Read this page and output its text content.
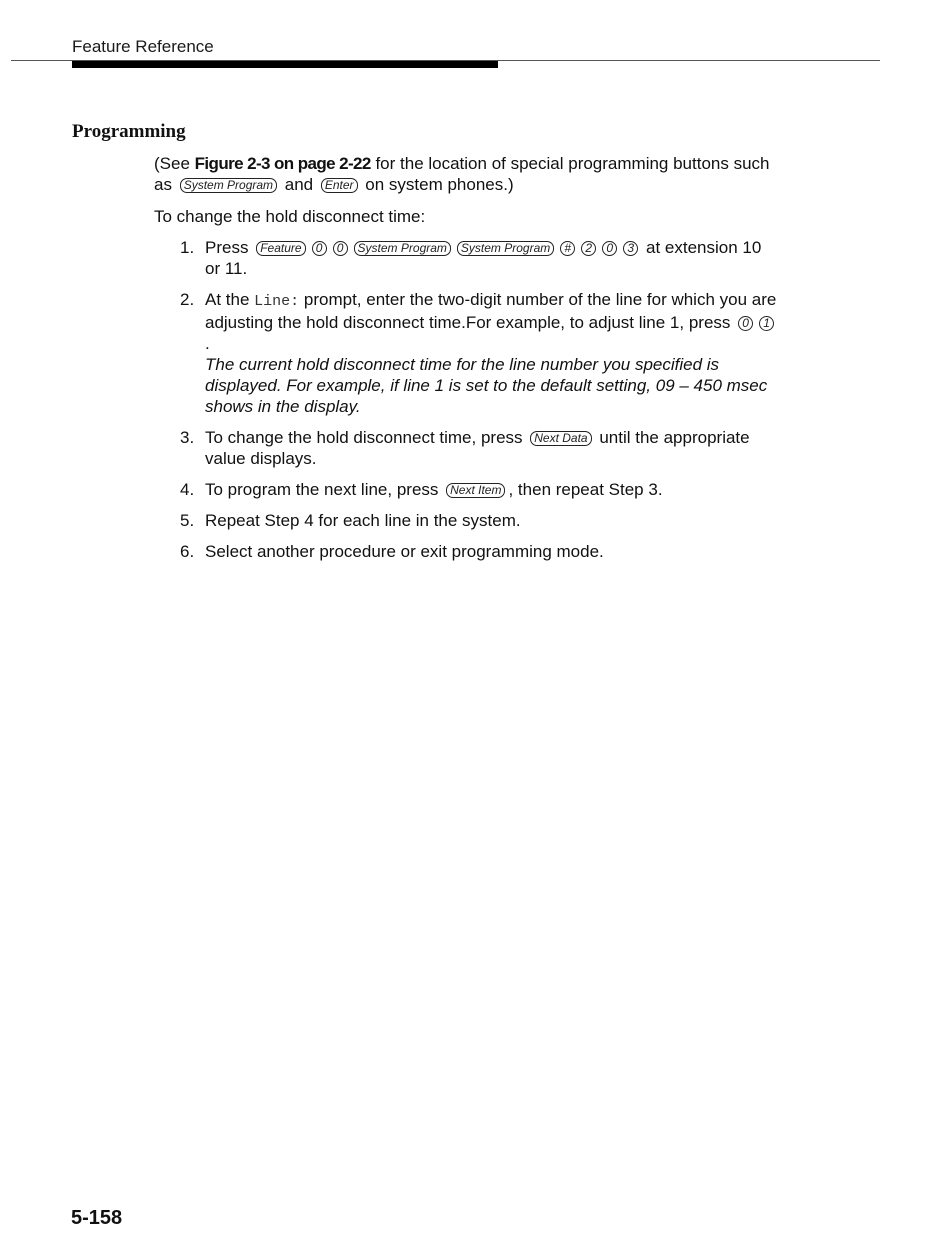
Feature Reference
Programming

(See Figure 2-3 on page 2-22 for the location of special programming buttons such as System Program and Enter on system phones.)

To change the hold disconnect time:

1. Press Feature 0 0 System Program System Program # 2 0 3 at extension 10 or 11.
2. At the Line: prompt, enter the two-digit number of the line for which you are adjusting the hold disconnect time.For example, to adjust line 1, press 0 1.
The current hold disconnect time for the line number you specified is displayed. For example, if line 1 is set to the default setting, 09 – 450 msec shows in the display.
3. To change the hold disconnect time, press Next Data until the appropriate value displays.
4. To program the next line, press Next Item , then repeat Step 3.
5. Repeat Step 4 for each line in the system.
6. Select another procedure or exit programming mode.
5-158
